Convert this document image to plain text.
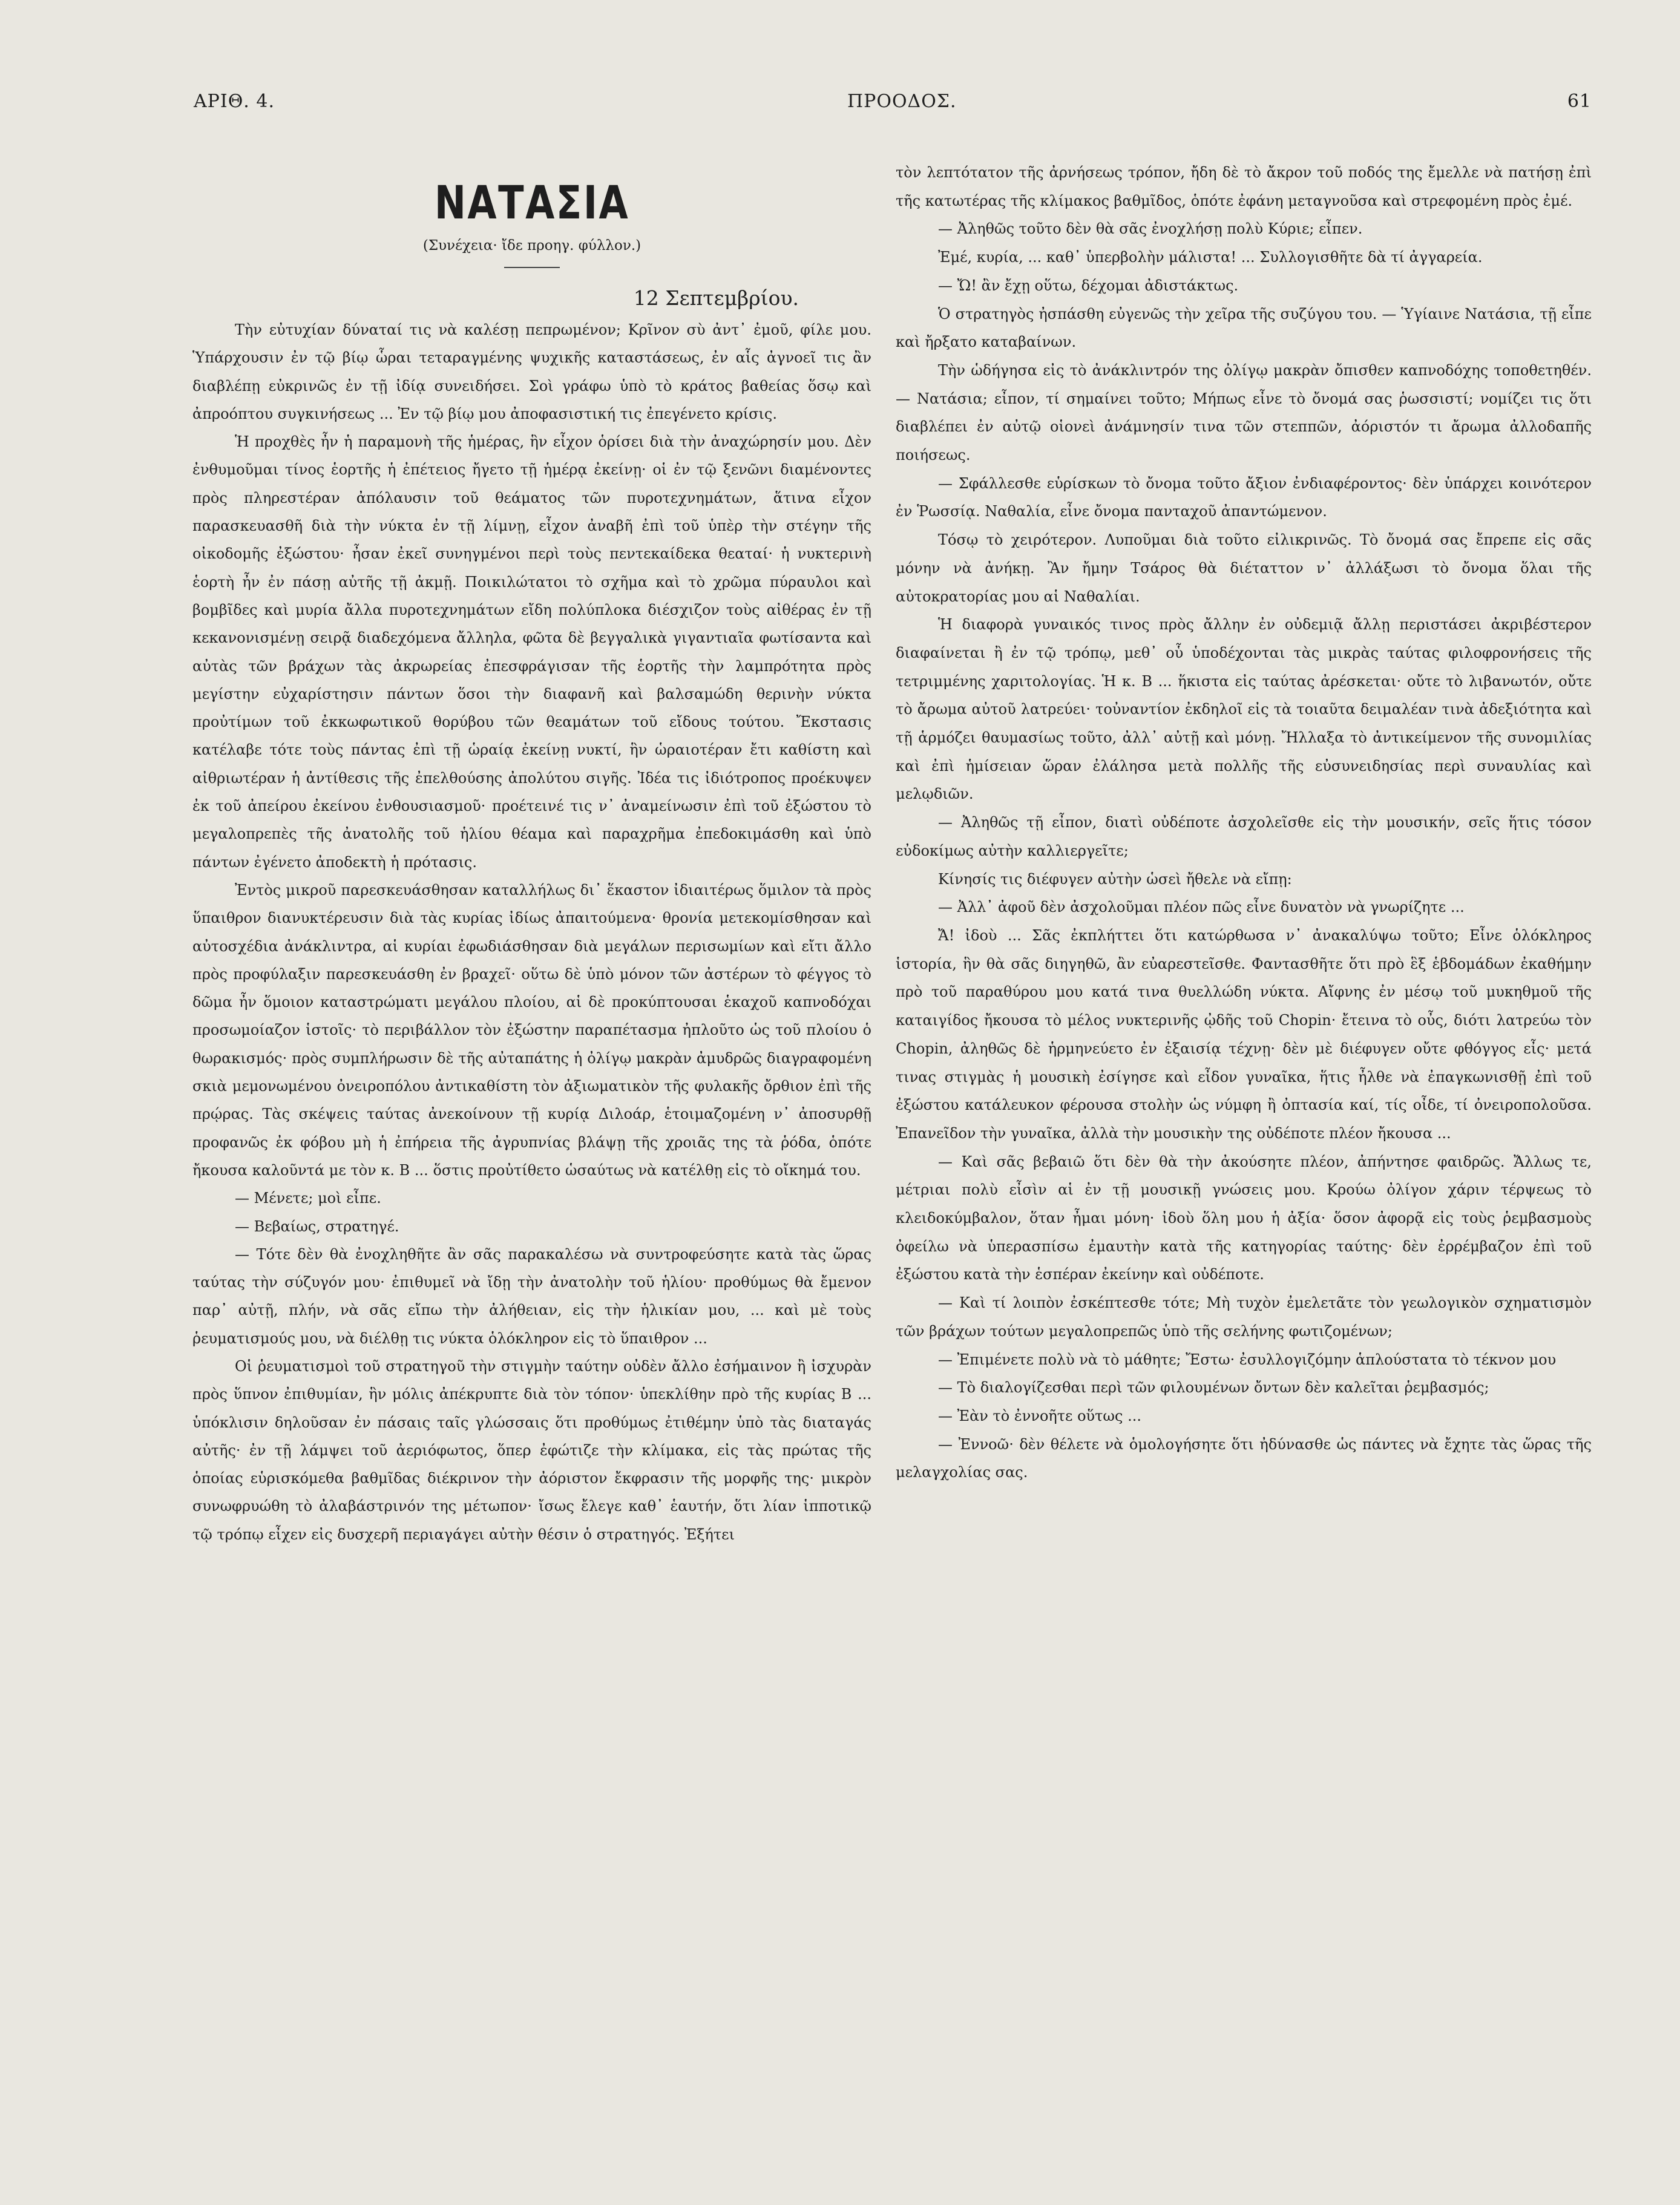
ΑΡΙΘ. 4.	ΠΡΟΟΔΟΣ.	61
ΝΑΤΑΣΙΑ
(Συνέχεια· ἴδε προηγ. φύλλον.)
12 Σεπτεμβρίου.

Τὴν εὐτυχίαν δύναταί τις νὰ καλέσῃ πεπρωμένον; Κρῖνον σὺ ἀντ᾽ ἐμοῦ, φίλε μου. Ὑπάρχουσιν ἐν τῷ βίῳ ὧραι τεταραγμένης ψυχικῆς καταστάσεως, ἐν αἷς ἀγνοεῖ τις ἂν διαβλέπῃ εὐκρινῶς ἐν τῇ ἰδίᾳ συνειδήσει. Σοὶ γράφω ὑπὸ τὸ κράτος βαθείας ὅσῳ καὶ ἀπροόπτου συγκινήσεως ... Ἐν τῷ βίῳ μου ἀποφασιστική τις ἐπεγένετο κρίσις.

Ἡ προχθὲς ἦν ἡ παραμονὴ τῆς ἡμέρας, ἣν εἶχον ὁρίσει διὰ τὴν ἀναχώρησίν μου. Δὲν ἐνθυμοῦμαι τίνος ἑορτῆς ἡ ἐπέτειος ἤγετο τῇ ἡμέρᾳ ἐκείνῃ· οἱ ἐν τῷ ξενῶνι διαμένοντες πρὸς πληρεστέραν ἀπόλαυσιν τοῦ θεάματος τῶν πυροτεχνημάτων, ἅτινα εἶχον παρασκευασθῆ διὰ τὴν νύκτα ἐν τῇ λίμνῃ, εἶχον ἀναβῆ ἐπὶ τοῦ ὑπὲρ τὴν στέγην τῆς οἰκοδομῆς ἐξώστου· ἦσαν ἐκεῖ συνηγμένοι περὶ τοὺς πεντεκαίδεκα θεαταί· ἡ νυκτερινὴ ἑορτὴ ἦν ἐν πάσῃ αὐτῆς τῇ ἀκμῇ. Ποικιλώτατοι τὸ σχῆμα καὶ τὸ χρῶμα πύραυλοι καὶ βομβῖδες καὶ μυρία ἄλλα πυροτεχνημάτων εἴδη πολύπλοκα διέσχιζον τοὺς αἰθέρας ἐν τῇ κεκανονισμένῃ σειρᾷ διαδεχόμενα ἄλληλα, φῶτα δὲ βεγγαλικὰ γιγαντιαῖα φωτίσαντα καὶ αὐτὰς τῶν βράχων τὰς ἀκρωρείας ἐπεσφράγισαν τῆς ἑορτῆς τὴν λαμπρότητα πρὸς μεγίστην εὐχαρίστησιν πάντων ὅσοι τὴν διαφανῆ καὶ βαλσαμώδη θερινὴν νύκτα προὐτίμων τοῦ ἐκκωφωτικοῦ θορύβου τῶν θεαμάτων τοῦ εἴδους τούτου. Ἔκστασις κατέλαβε τότε τοὺς πάντας ἐπὶ τῇ ὡραίᾳ ἐκείνῃ νυκτί, ἣν ὡραιοτέραν ἔτι καθίστη καὶ αἰθριωτέραν ἡ ἀντίθεσις τῆς ἐπελθούσης ἀπολύτου σιγῆς. Ἰδέα τις ἰδιότροπος προέκυψεν ἐκ τοῦ ἀπείρου ἐκείνου ἐνθουσιασμοῦ· προέτεινέ τις ν᾽ ἀναμείνωσιν ἐπὶ τοῦ ἐξώστου τὸ μεγαλοπρεπὲς τῆς ἀνατολῆς τοῦ ἡλίου θέαμα καὶ παραχρῆμα ἐπεδοκιμάσθη καὶ ὑπὸ πάντων ἐγένετο ἀποδεκτὴ ἡ πρότασις.

Ἐντὸς μικροῦ παρεσκευάσθησαν καταλλήλως δι᾽ ἕκαστον ἰδιαιτέρως ὅμιλον τὰ πρὸς ὕπαιθρον διανυκτέρευσιν διὰ τὰς κυρίας ἰδίως ἀπαιτούμενα· θρονία μετεκομίσθησαν καὶ αὐτοσχέδια ἀνάκλιντρα, αἱ κυρίαι ἐφωδιάσθησαν διὰ μεγάλων περισωμίων καὶ εἴτι ἄλλο πρὸς προφύλαξιν παρεσκευάσθη ἐν βραχεῖ· οὕτω δὲ ὑπὸ μόνον τῶν ἀστέρων τὸ φέγγος τὸ δῶμα ἦν ὅμοιον καταστρώματι μεγάλου πλοίου, αἱ δὲ προκύπτουσαι ἑκαχοῦ καπνοδόχαι προσωμοίαζον ἱστοῖς· τὸ περιβάλλον τὸν ἐξώστην παραπέτασμα ἠπλοῦτο ὡς τοῦ πλοίου ὁ θωρακισμός· πρὸς συμπλήρωσιν δὲ τῆς αὐταπάτης ἡ ὀλίγῳ μακρὰν ἀμυδρῶς διαγραφομένη σκιὰ μεμονωμένου ὀνειροπόλου ἀντικαθίστη τὸν ἀξιωματικὸν τῆς φυλακῆς ὄρθιον ἐπὶ τῆς πρῴρας. Τὰς σκέψεις ταύτας ἀνεκοίνουν τῇ κυρίᾳ Διλοάρ, ἑτοιμαζομένη ν᾽ ἀποσυρθῇ προφανῶς ἐκ φόβου μὴ ἡ ἐπήρεια τῆς ἀγρυπνίας βλάψῃ τῆς χροιᾶς της τὰ ῥόδα, ὁπότε ἤκουσα καλοῦντά με τὸν κ. Β ... ὅστις προὐτίθετο ὡσαύτως νὰ κατέλθῃ εἰς τὸ οἴκημά του.

— Μένετε; μοὶ εἶπε.

— Βεβαίως, στρατηγέ.

— Τότε δὲν θὰ ἐνοχληθῆτε ἂν σᾶς παρακαλέσω νὰ συντροφεύσητε κατὰ τὰς ὥρας ταύτας τὴν σύζυγόν μου· ἐπιθυμεῖ νὰ ἴδῃ τὴν ἀνατολὴν τοῦ ἡλίου· προθύμως θὰ ἔμενον παρ᾽ αὐτῇ, πλήν, νὰ σᾶς εἴπω τὴν ἀλήθειαν, εἰς τὴν ἡλικίαν μου, ... καὶ μὲ τοὺς ῥευματισμούς μου, νὰ διέλθῃ τις νύκτα ὁλόκληρον εἰς τὸ ὕπαιθρον ...

Οἱ ῥευματισμοὶ τοῦ στρατηγοῦ τὴν στιγμὴν ταύτην οὐδὲν ἄλλο ἐσήμαινον ἢ ἰσχυρὰν πρὸς ὕπνον ἐπιθυμίαν, ἣν μόλις ἀπέκρυπτε διὰ τὸν τόπον· ὑπεκλίθην πρὸ τῆς κυρίας Β ... ὑπόκλισιν δηλοῦσαν ἐν πάσαις ταῖς γλώσσαις ὅτι προθύμως ἐτιθέμην ὑπὸ τὰς διαταγάς αὐτῆς· ἐν τῇ λάμψει τοῦ ἀεριόφωτος, ὅπερ ἐφώτιζε τὴν κλίμακα, εἰς τὰς πρώτας τῆς ὁποίας εὑρισκόμεθα βαθμῖδας διέκρινον τὴν ἀόριστον ἔκφρασιν τῆς μορφῆς της· μικρὸν συνωφρυώθη τὸ ἀλαβάστρινόν της μέτωπον· ἴσως ἔλεγε καθ᾽ ἑαυτήν, ὅτι λίαν ἱπποτικῷ τῷ τρόπῳ εἶχεν εἰς δυσχερῆ περιαγάγει αὐτὴν θέσιν ὁ στρατηγός. Ἐξήτει

τὸν λεπτότατον τῆς ἀρνήσεως τρόπον, ἤδη δὲ τὸ ἄκρον τοῦ ποδός της ἔμελλε νὰ πατήσῃ ἐπὶ τῆς κατωτέρας τῆς κλίμακος βαθμῖδος, ὁπότε ἐφάνη μεταγνοῦσα καὶ στρεφομένη πρὸς ἐμέ.

— Ἀληθῶς τοῦτο δὲν θὰ σᾶς ἐνοχλήσῃ πολὺ Κύριε; εἶπεν.

Ἐμέ, κυρία, ... καθ᾽ ὑπερβολὴν μάλιστα! ... Συλλογισθῆτε δὰ τί ἀγγαρεία.

— Ὤ! ἂν ἔχῃ οὕτω, δέχομαι ἀδιστάκτως.

Ὁ στρατηγὸς ἠσπάσθη εὐγενῶς τὴν χεῖρα τῆς συζύγου του. — Ὑγίαινε Νατάσια, τῇ εἶπε καὶ ἤρξατο καταβαίνων.

Τὴν ὡδήγησα εἰς τὸ ἀνάκλιντρόν της ὀλίγῳ μακρὰν ὄπισθεν καπνοδόχης τοποθετηθέν. — Νατάσια; εἶπον, τί σημαίνει τοῦτο; Μήπως εἶνε τὸ ὄνομά σας ῥωσσιστί; νομίζει τις ὅτι διαβλέπει ἐν αὐτῷ οἱονεὶ ἀνάμνησίν τινα τῶν στεππῶν, ἀόριστόν τι ἄρωμα ἀλλοδαπῆς ποιήσεως.

— Σφάλλεσθε εὑρίσκων τὸ ὄνομα τοῦτο ἄξιον ἐνδιαφέροντος· δὲν ὑπάρχει κοινότερον ἐν Ῥωσσίᾳ. Ναθαλία, εἶνε ὄνομα πανταχοῦ ἀπαντώμενον.

Τόσῳ τὸ χειρότερον. Λυποῦμαι διὰ τοῦτο εἰλικρινῶς. Τὸ ὄνομά σας ἔπρεπε εἰς σᾶς μόνην νὰ ἀνήκῃ. Ἂν ἤμην Τσάρος θὰ διέταττον ν᾽ ἀλλάξωσι τὸ ὄνομα ὅλαι τῆς αὐτοκρατορίας μου αἱ Ναθαλίαι.

Ἡ διαφορὰ γυναικός τινος πρὸς ἄλλην ἐν οὐδεμιᾷ ἄλλῃ περιστάσει ἀκριβέστερον διαφαίνεται ἢ ἐν τῷ τρόπῳ, μεθ᾽ οὗ ὑποδέχονται τὰς μικρὰς ταύτας φιλοφρονήσεις τῆς τετριμμένης χαριτολογίας. Ἡ κ. Β ... ἥκιστα εἰς ταύτας ἀρέσκεται· οὔτε τὸ λιβανωτόν, οὔτε τὸ ἄρωμα αὐτοῦ λατρεύει· τοὐναντίον ἐκδηλοῖ εἰς τὰ τοιαῦτα δειμαλέαν τινὰ ἀδεξιότητα καὶ τῇ ἁρμόζει θαυμασίως τοῦτο, ἀλλ᾽ αὐτῇ καὶ μόνῃ. Ἤλλαξα τὸ ἀντικείμενον τῆς συνομιλίας καὶ ἐπὶ ἡμίσειαν ὥραν ἐλάλησα μετὰ πολλῆς τῆς εὐσυνειδησίας περὶ συναυλίας καὶ μελῳδιῶν.

— Ἀληθῶς τῇ εἶπον, διατὶ οὐδέποτε ἀσχολεῖσθε εἰς τὴν μουσικήν, σεῖς ἥτις τόσον εὐδοκίμως αὐτὴν καλλιεργεῖτε;

Κίνησίς τις διέφυγεν αὐτὴν ὡσεὶ ἤθελε νὰ εἴπῃ:

— Ἀλλ᾽ ἀφοῦ δὲν ἀσχολοῦμαι πλέον πῶς εἶνε δυνατὸν νὰ γνωρίζητε ...

Ἄ! ἰδοὺ ... Σᾶς ἐκπλήττει ὅτι κατώρθωσα ν᾽ ἀνακαλύψω τοῦτο; Εἶνε ὁλόκληρος ἱστορία, ἣν θὰ σᾶς διηγηθῶ, ἂν εὐαρεστεῖσθε. Φαντασθῆτε ὅτι πρὸ ἓξ ἑβδομάδων ἐκαθήμην πρὸ τοῦ παραθύρου μου κατά τινα θυελλώδη νύκτα. Αἴφνης ἐν μέσῳ τοῦ μυκηθμοῦ τῆς καταιγίδος ἤκουσα τὸ μέλος νυκτερινῆς ᾠδῆς τοῦ Chopin· ἔτεινα τὸ οὖς, διότι λατρεύω τὸν Chopin, ἀληθῶς δὲ ἡρμηνεύετο ἐν ἐξαισίᾳ τέχνῃ· δὲν μὲ διέφυγεν οὔτε φθόγγος εἶς· μετά τινας στιγμὰς ἡ μουσικὴ ἐσίγησε καὶ εἶδον γυναῖκα, ἥτις ἦλθε νὰ ἐπαγκωνισθῇ ἐπὶ τοῦ ἐξώστου κατάλευκον φέρουσα στολὴν ὡς νύμφη ἢ ὀπτασία καί, τίς οἶδε, τί ὀνειροπολοῦσα. Ἐπανεῖδον τὴν γυναῖκα, ἀλλὰ τὴν μουσικὴν της οὐδέποτε πλέον ἤκουσα ...

— Καὶ σᾶς βεβαιῶ ὅτι δὲν θὰ τὴν ἀκούσητε πλέον, ἀπήντησε φαιδρῶς. Ἄλλως τε, μέτριαι πολὺ εἶσὶν αἱ ἐν τῇ μουσικῇ γνώσεις μου. Κρούω ὀλίγον χάριν τέρψεως τὸ κλειδοκύμβαλον, ὅταν ἦμαι μόνη· ἰδοὺ ὅλη μου ἡ ἀξία· ὅσον ἀφορᾷ εἰς τοὺς ῥεμβασμοὺς ὀφείλω νὰ ὑπερασπίσω ἐμαυτὴν κατὰ τῆς κατηγορίας ταύτης· δὲν ἐρρέμβαζον ἐπὶ τοῦ ἐξώστου κατὰ τὴν ἑσπέραν ἐκείνην καὶ οὐδέποτε.

— Καὶ τί λοιπὸν ἐσκέπτεσθε τότε; Μὴ τυχὸν ἐμελετᾶτε τὸν γεωλογικὸν σχηματισμὸν τῶν βράχων τούτων μεγαλοπρεπῶς ὑπὸ τῆς σελήνης φωτιζομένων;

— Ἐπιμένετε πολὺ νὰ τὸ μάθητε; Ἔστω· ἐσυλλογιζόμην ἁπλούστατα τὸ τέκνον μου

— Τὸ διαλογίζεσθαι περὶ τῶν φιλουμένων ὄντων δὲν καλεῖται ῥεμβασμός;

— Ἐὰν τὸ ἐννοῆτε οὕτως ...

— Ἐννοῶ· δὲν θέλετε νὰ ὁμολογήσητε ὅτι ἠδύνασθε ὡς πάντες νὰ ἔχητε τὰς ὥρας τῆς μελαγχολίας σας.
